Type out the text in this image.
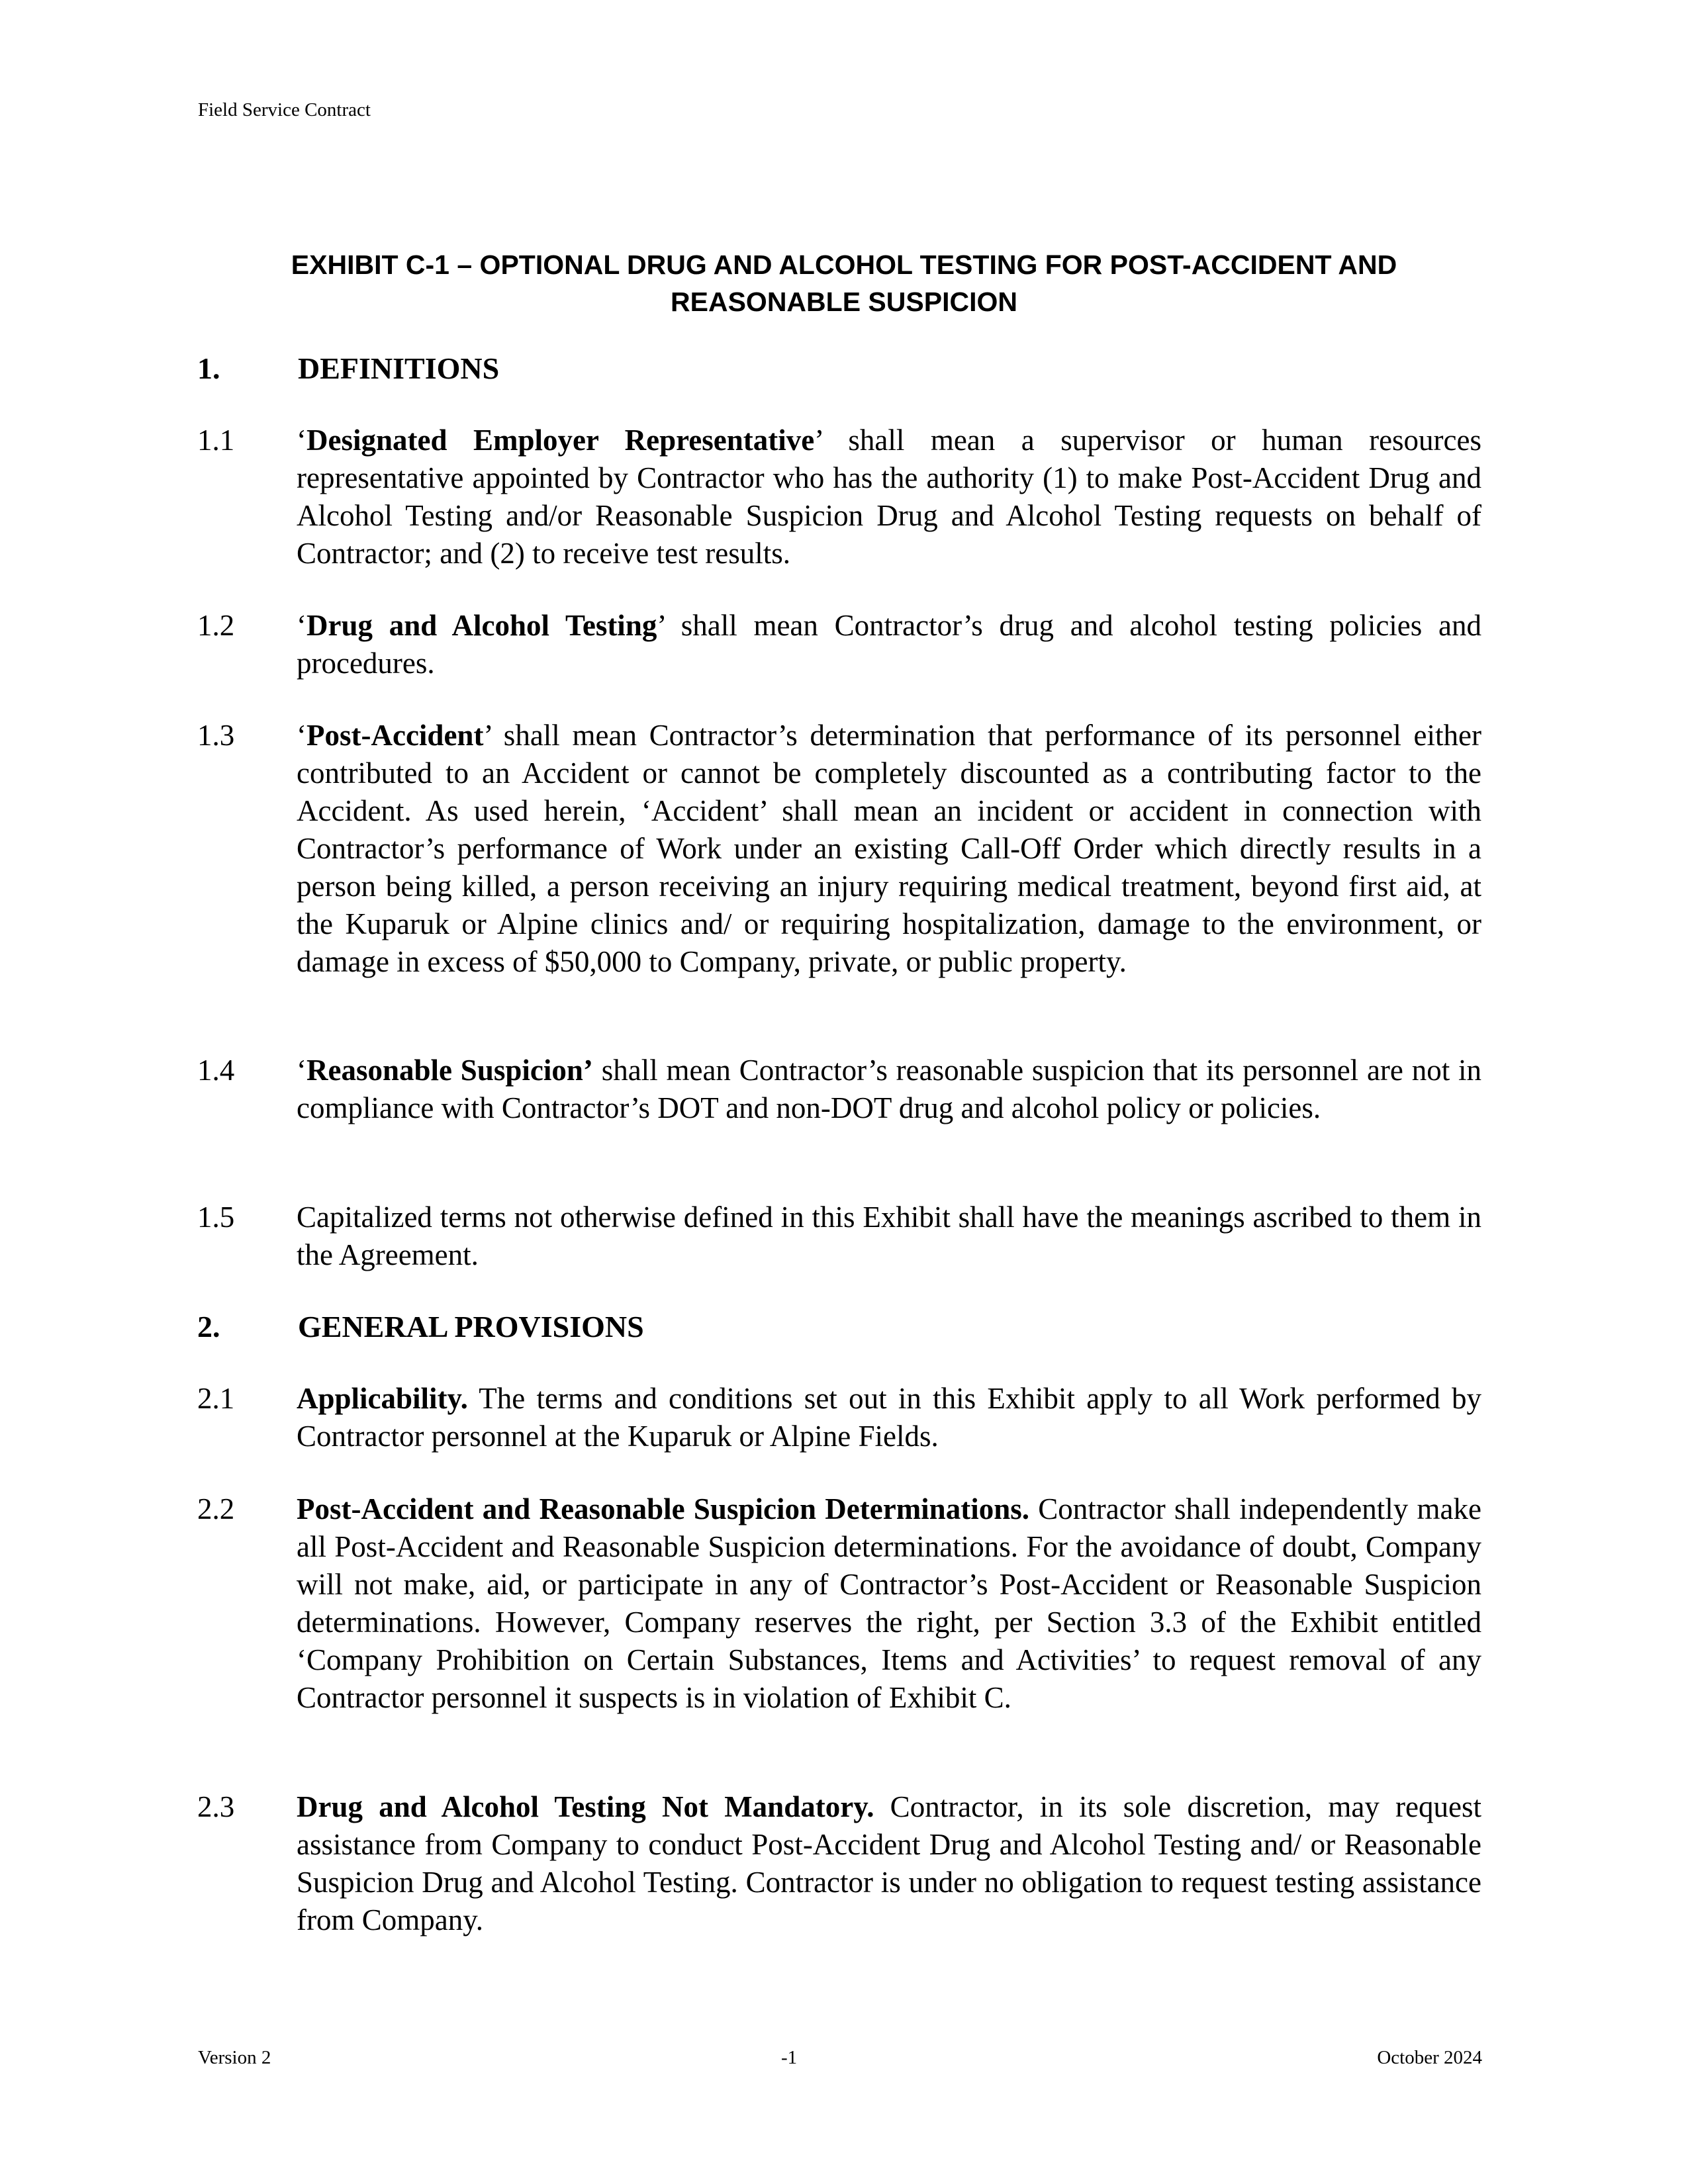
Field Service Contract
EXHIBIT C-1 – OPTIONAL DRUG AND ALCOHOL TESTING FOR POST-ACCIDENT AND
REASONABLE SUSPICION
1.	DEFINITIONS
1.1 ‘Designated Employer Representative’ shall mean a supervisor or human resources representative appointed by Contractor who has the authority (1) to make Post-Accident Drug and Alcohol Testing and/or Reasonable Suspicion Drug and Alcohol Testing requests on behalf of Contractor; and (2) to receive test results.
1.2 ‘Drug and Alcohol Testing’ shall mean Contractor’s drug and alcohol testing policies and procedures.
1.3 ‘Post-Accident’ shall mean Contractor’s determination that performance of its personnel either contributed to an Accident or cannot be completely discounted as a contributing factor to the Accident. As used herein, ‘Accident’ shall mean an incident or accident in connection with Contractor’s performance of Work under an existing Call-Off Order which directly results in a person being killed, a person receiving an injury requiring medical treatment, beyond first aid, at the Kuparuk or Alpine clinics and/ or requiring hospitalization, damage to the environment, or damage in excess of $50,000 to Company, private, or public property.
1.4 ‘Reasonable Suspicion’ shall mean Contractor’s reasonable suspicion that its personnel are not in compliance with Contractor’s DOT and non-DOT drug and alcohol policy or policies.
1.5 Capitalized terms not otherwise defined in this Exhibit shall have the meanings ascribed to them in the Agreement.
2.	GENERAL PROVISIONS
2.1 Applicability. The terms and conditions set out in this Exhibit apply to all Work performed by Contractor personnel at the Kuparuk or Alpine Fields.
2.2 Post-Accident and Reasonable Suspicion Determinations. Contractor shall independently make all Post-Accident and Reasonable Suspicion determinations. For the avoidance of doubt, Company will not make, aid, or participate in any of Contractor’s Post-Accident or Reasonable Suspicion determinations. However, Company reserves the right, per Section 3.3 of the Exhibit entitled ‘Company Prohibition on Certain Substances, Items and Activities’ to request removal of any Contractor personnel it suspects is in violation of Exhibit C.
2.3 Drug and Alcohol Testing Not Mandatory. Contractor, in its sole discretion, may request assistance from Company to conduct Post-Accident Drug and Alcohol Testing and/ or Reasonable Suspicion Drug and Alcohol Testing. Contractor is under no obligation to request testing assistance from Company.
Version 2	-1	October 2024
